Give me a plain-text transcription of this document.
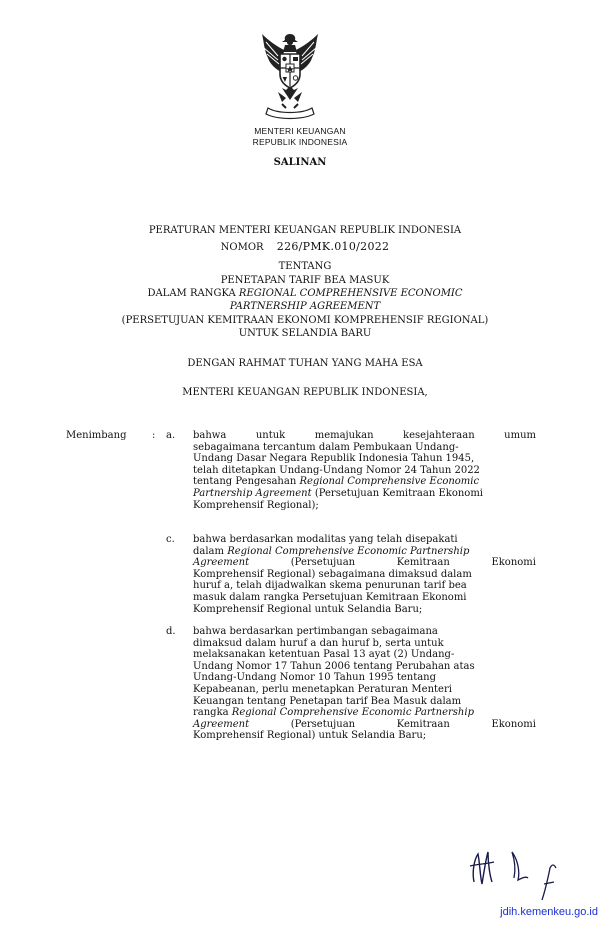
MENTERI KEUANGAN
REPUBLIK INDONESIA
SALINAN
PERATURAN MENTERI KEUANGAN REPUBLIK INDONESIA
NOMOR 226/PMK.010/2022
TENTANG
PENETAPAN TARIF BEA MASUK
DALAM RANGKA REGIONAL COMPREHENSIVE ECONOMIC
PARTNERSHIP AGREEMENT
(PERSETUJUAN KEMITRAAN EKONOMI KOMPREHENSIF REGIONAL)
UNTUK SELANDIA BARU
DENGAN RAHMAT TUHAN YANG MAHA ESA
MENTERI KEUANGAN REPUBLIK INDONESIA,
Menimbang	: a. bahwa untuk memajukan kesejahteraan umum
sebagaimana tercantum dalam Pembukaan Undang-
Undang Dasar Negara Republik Indonesia Tahun 1945,
telah ditetapkan Undang-Undang Nomor 24 Tahun 2022
tentang Pengesahan Regional Comprehensive Economic
Partnership Agreement (Persetujuan Kemitraan Ekonomi
Komprehensif Regional);
c. bahwa berdasarkan modalitas yang telah disepakati
dalam Regional Comprehensive Economic Partnership
Agreement	(Persetujuan	Kemitraan	Ekonomi
Komprehensif Regional) sebagaimana dimaksud dalam
huruf a, telah dijadwalkan skema penurunan tarif bea
masuk dalam rangka Persetujuan Kemitraan Ekonomi
Komprehensif Regional untuk Selandia Baru;
d. bahwa berdasarkan pertimbangan sebagaimana
dimaksud dalam huruf a dan huruf b, serta untuk
melaksanakan ketentuan Pasal 13 ayat (2) Undang-
Undang Nomor 17 Tahun 2006 tentang Perubahan atas
Undang-Undang Nomor 10 Tahun 1995 tentang
Kepabeanan, perlu menetapkan Peraturan Menteri
Keuangan tentang Penetapan tarif Bea Masuk dalam
rangka Regional Comprehensive Economic Partnership
Agreement	(Persetujuan	Kemitraan	Ekonomi
Komprehensif Regional) untuk Selandia Baru;
jdih.kemenkeu.go.id
